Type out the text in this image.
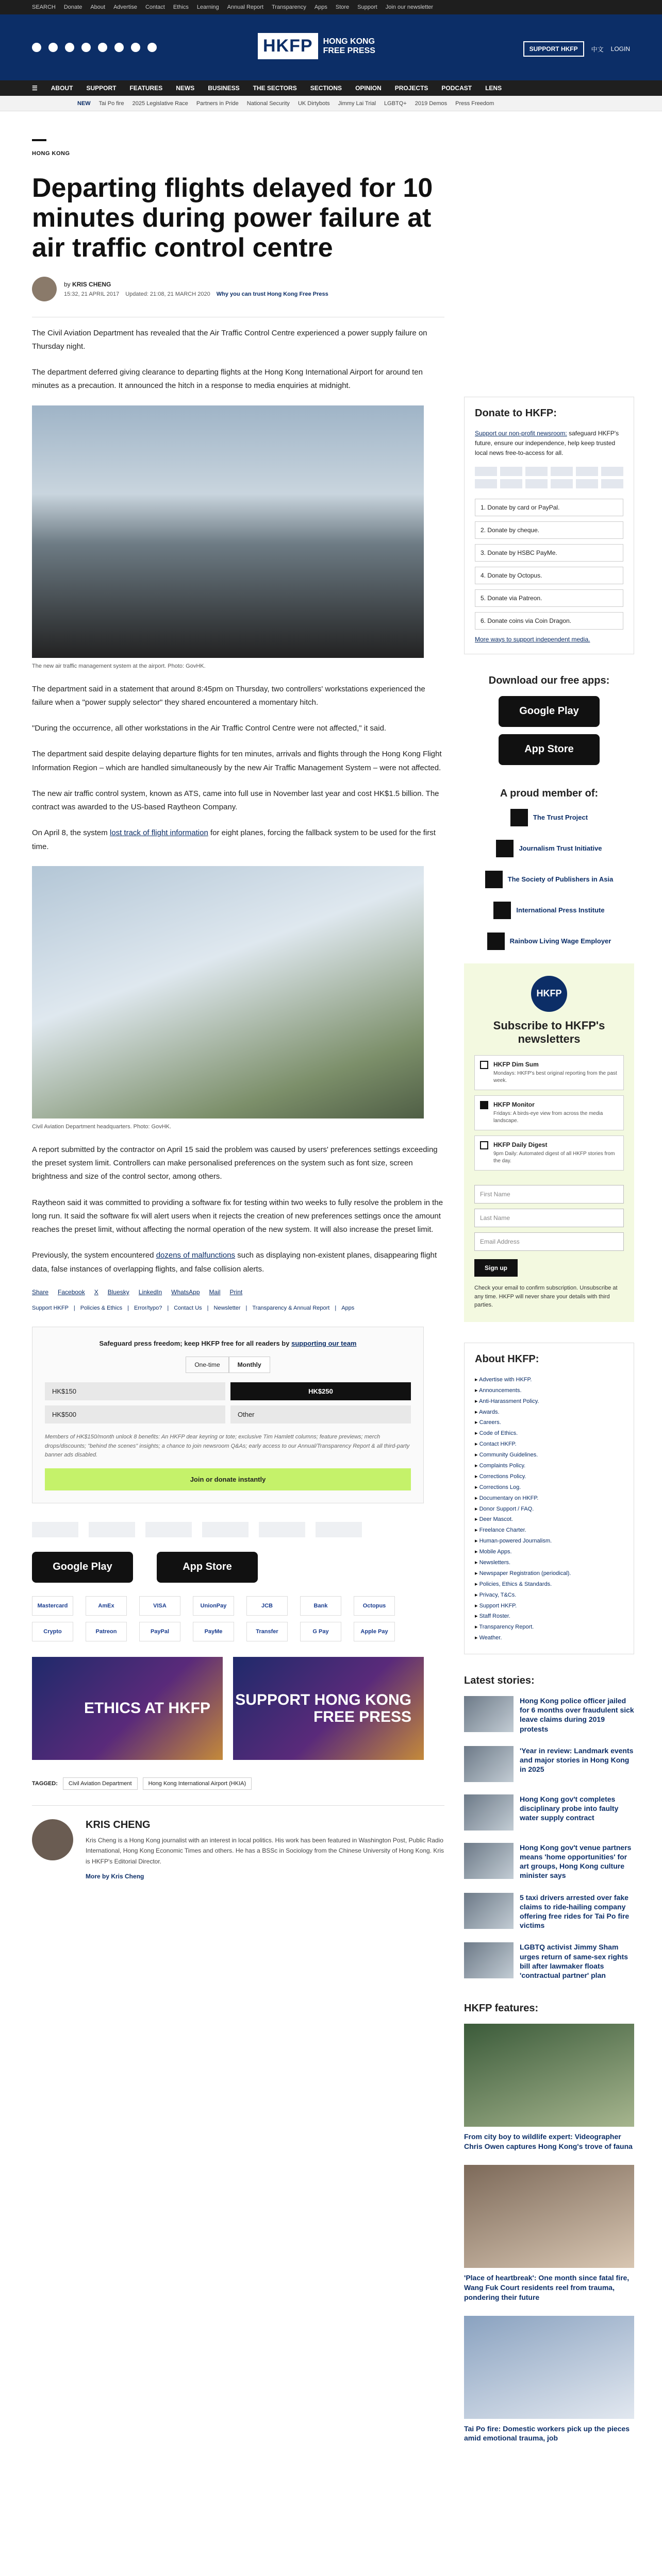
SEARCH Donate About Advertise Contact Ethics Learning Annual Report Transparency Apps Store Support Join our newsletter
HKFP	HONG KONG FREE PRESS	SUPPORT HKFP	中文 LOGIN
☰ ABOUT SUPPORT FEATURES NEWS BUSINESS THE SECTORS SECTIONS OPINION PROJECTS PODCAST LENS
NEW Tai Po fire 2025 Legislative Race Partners in Pride National Security UK Dirtybots Jimmy Lai Trial LGBTQ+ 2019 Demos Press Freedom
HONG KONG
Departing flights delayed for 10 minutes during power failure at air traffic control centre
by KRIS CHENG
15:32, 21 APRIL 2017 Updated: 21:08, 21 MARCH 2020 Why you can trust Hong Kong Free Press

The Civil Aviation Department has revealed that the Air Traffic Control Centre experienced a power supply failure on Thursday night.

The department deferred giving clearance to departing flights at the Hong Kong International Airport for around ten minutes as a precaution. It announced the hitch in a response to media enquiries at midnight.

The new air traffic management system at the airport. Photo: GovHK.

The department said in a statement that around 8:45pm on Thursday, two controllers' workstations experienced the failure when a "power supply selector" they shared encountered a momentary hitch.

"During the occurrence, all other workstations in the Air Traffic Control Centre were not affected," it said.

The department said despite delaying departure flights for ten minutes, arrivals and flights through the Hong Kong Flight Information Region – which are handled simultaneously by the new Air Traffic Management System – were not affected.

The new air traffic control system, known as ATS, came into full use in November last year and cost HK$1.5 billion. The contract was awarded to the US-based Raytheon Company.

On April 8, the system lost track of flight information for eight planes, forcing the fallback system to be used for the first time.

Civil Aviation Department headquarters. Photo: GovHK.

A report submitted by the contractor on April 15 said the problem was caused by users' preferences settings exceeding the preset system limit. Controllers can make personalised preferences on the system such as font size, screen brightness and size of the control sector, among others.

Raytheon said it was committed to providing a software fix for testing within two weeks to fully resolve the problem in the long run. It said the software fix will alert users when it rejects the creation of new preferences settings once the amount reaches the preset limit, without affecting the normal operation of the new system. It will also increase the preset limit.

Previously, the system encountered dozens of malfunctions such as displaying non-existent planes, disappearing flight data, false instances of overlapping flights, and false collision alerts.

Share Facebook X Bluesky LinkedIn WhatsApp Mail Print
Support HKFP | Policies & Ethics | Error/typo? | Contact Us | Newsletter | Transparency & Annual Report | Apps
Safeguard press freedom; keep HKFP free for all readers by supporting our team
One-time	Monthly
HK$150	HK$250
HK$500	Other
Members of HK$150/month unlock 8 benefits: An HKFP dear keyring or tote; exclusive Tim Hamlett columns; feature previews; merch drops/discounts; "behind the scenes" insights; a chance to join newsroom Q&As; early access to our Annual/Transparency Report & all third-party banner ads disabled.
Join or donate instantly
Google Play	App Store
Mastercard	AmEx	VISA	UnionPay	JCB	Bank	Octopus
Crypto	Patreon	PayPal	PayMe	Transfer	G Pay	Apple Pay
ETHICS AT HKFP	SUPPORT HONG KONG FREE PRESS
TAGGED:	Civil Aviation Department	Hong Kong International Airport (HKIA)
KRIS CHENG

Kris Cheng is a Hong Kong journalist with an interest in local politics. His work has been featured in Washington Post, Public Radio International, Hong Kong Economic Times and others. He has a BSSc in Sociology from the Chinese University of Hong Kong. Kris is HKFP's Editorial Director.

More by Kris Cheng
Donate to HKFP:

Support our non-profit newsroom: safeguard HKFP's future, ensure our independence, help keep trusted local news free-to-access for all.

1. Donate by card or PayPal.
2. Donate by cheque.
3. Donate by HSBC PayMe.
4. Donate by Octopus.
5. Donate via Patreon.
6. Donate coins via Coin Dragon.
More ways to support independent media.
Download our free apps:
Google Play
App Store
A proud member of:
The Trust Project
Journalism Trust Initiative
The Society of Publishers in Asia
International Press Institute
Rainbow Living Wage Employer
HKFP
Subscribe to HKFP's newsletters
HKFP Dim Sum
Mondays: HKFP's best original reporting from the past week.
HKFP Monitor
Fridays: A birds-eye view from across the media landscape.
HKFP Daily Digest
9pm Daily: Automated digest of all HKFP stories from the day.
First Name
Last Name
Email Address
Sign up
Check your email to confirm subscription. Unsubscribe at any time. HKFP will never share your details with third parties.
About HKFP:
▸ Advertise with HKFP.
▸ Announcements.
▸ Anti-Harassment Policy.
▸ Awards.
▸ Careers.
▸ Code of Ethics.
▸ Contact HKFP.
▸ Community Guidelines.
▸ Complaints Policy.
▸ Corrections Policy.
▸ Corrections Log.
▸ Documentary on HKFP.
▸ Donor Support / FAQ.
▸ Deer Mascot.
▸ Freelance Charter.
▸ Human-powered Journalism.
▸ Mobile Apps.
▸ Newsletters.
▸ Newspaper Registration (periodical).
▸ Policies, Ethics & Standards.
▸ Privacy, T&Cs.
▸ Support HKFP.
▸ Staff Roster.
▸ Transparency Report.
▸ Weather.
Latest stories:
Hong Kong police officer jailed for 6 months over fraudulent sick leave claims during 2019 protests
'Year in review: Landmark events and major stories in Hong Kong in 2025
Hong Kong gov't completes disciplinary probe into faulty water supply contract
Hong Kong gov't venue partners means 'home opportunities' for art groups, Hong Kong culture minister says
5 taxi drivers arrested over fake claims to ride-hailing company offering free rides for Tai Po fire victims
LGBTQ activist Jimmy Sham urges return of same-sex rights bill after lawmaker floats 'contractual partner' plan
HKFP features:
From city boy to wildlife expert: Videographer Chris Owen captures Hong Kong's trove of fauna
'Place of heartbreak': One month since fatal fire, Wang Fuk Court residents reel from trauma, pondering their future
Tai Po fire: Domestic workers pick up the pieces amid emotional trauma, job
